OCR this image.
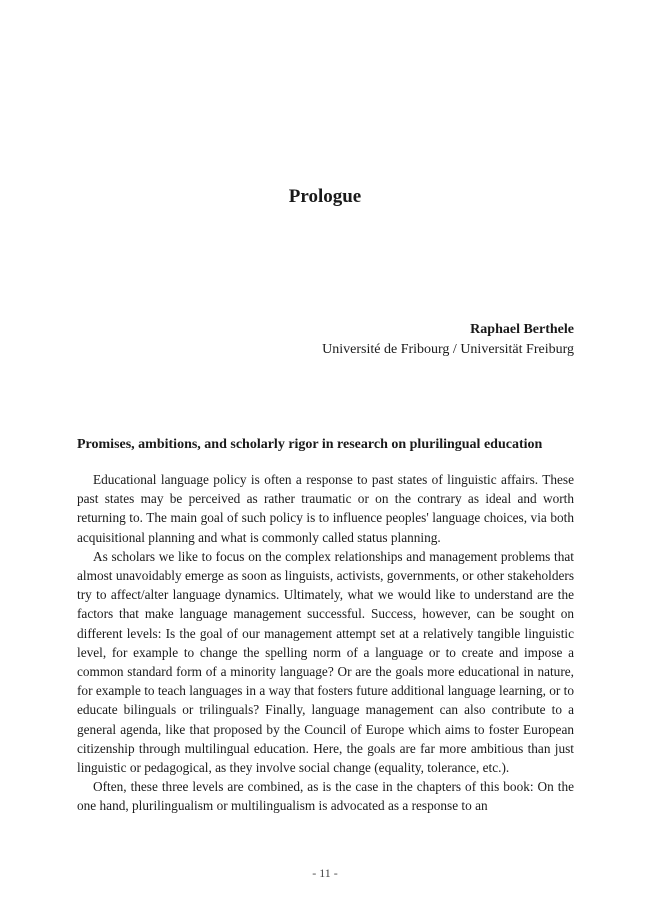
Prologue

Raphael Berthele

Université de Fribourg / Universität Freiburg

Promises, ambitions, and scholarly rigor in research on plurilingual education

Educational language policy is often a response to past states of linguistic affairs. These past states may be perceived as rather traumatic or on the contrary as ideal and worth returning to. The main goal of such policy is to influence peoples' language choices, via both acquisitional planning and what is commonly called status planning.

As scholars we like to focus on the complex relationships and management problems that almost unavoidably emerge as soon as linguists, activists, governments, or other stakeholders try to affect/alter language dynamics. Ultimately, what we would like to understand are the factors that make language management successful. Success, however, can be sought on different levels: Is the goal of our management attempt set at a relatively tangible linguistic level, for example to change the spelling norm of a language or to create and impose a common standard form of a minority language? Or are the goals more educational in nature, for example to teach languages in a way that fosters future additional language learning, or to educate bilinguals or trilinguals? Finally, language management can also contribute to a general agenda, like that proposed by the Council of Europe which aims to foster European citizenship through multilingual education. Here, the goals are far more ambitious than just linguistic or pedagogical, as they involve social change (equality, tolerance, etc.).

Often, these three levels are combined, as is the case in the chapters of this book: On the one hand, plurilingualism or multilingualism is advocated as a response to an

- 11 -
